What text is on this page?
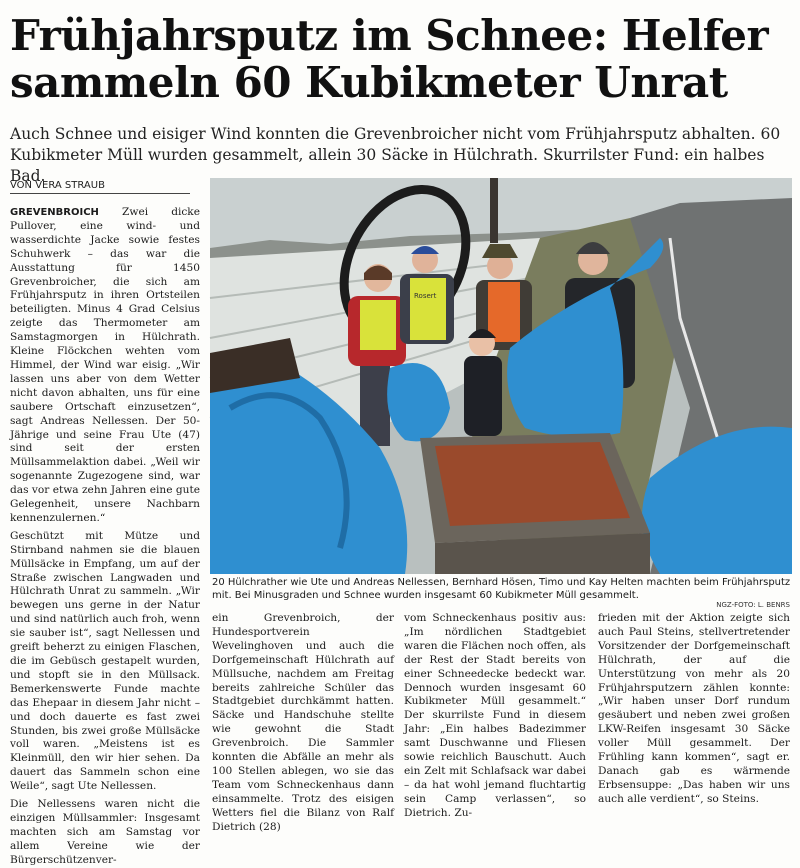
Frühjahrsputz im Schnee: Helfer
sammeln 60 Kubikmeter Unrat
Auch Schnee und eisiger Wind konnten die Grevenbroicher nicht vom Frühjahrsputz abhalten. 60 Kubikmeter Müll wurden gesammelt, allein 30 Säcke in Hülchrath. Skurrilster Fund: ein halbes Bad.
VON VERA STRAUB

GREVENBROICH Zwei dicke Pullover, eine wind- und wasserdichte Jacke sowie festes Schuhwerk – das war die Ausstattung für 1450 Grevenbroicher, die sich am Frühjahrsputz in ihren Ortsteilen beteiligten. Minus 4 Grad Celsius zeigte das Thermometer am Samstagmorgen in Hülchrath. Kleine Flöckchen wehten vom Himmel, der Wind war eisig. „Wir lassen uns aber von dem Wetter nicht davon abhalten, uns für eine saubere Ortschaft einzusetzen“, sagt Andreas Nellessen. Der 50-Jährige und seine Frau Ute (47) sind seit der ersten Müllsammelaktion dabei. „Weil wir sogenannte Zugezogene sind, war das vor etwa zehn Jahren eine gute Gelegenheit, unsere Nachbarn kennenzulernen.“

Geschützt mit Mütze und Stirnband nahmen sie die blauen Müllsäcke in Empfang, um auf der Straße zwischen Langwaden und Hülchrath Unrat zu sammeln. „Wir bewegen uns gerne in der Natur und sind natürlich auch froh, wenn sie sauber ist“, sagt Nellessen und greift beherzt zu einigen Flaschen, die im Gebüsch gestapelt wurden, und stopft sie in den Müllsack. Bemerkenswerte Funde machte das Ehepaar in diesem Jahr nicht – und doch dauerte es fast zwei Stunden, bis zwei große Müllsäcke voll waren. „Meistens ist es Kleinmüll, den wir hier sehen. Da dauert das Sammeln schon eine Weile“, sagt Ute Nellessen.

Die Nellessens waren nicht die einzigen Müllsammler: Insgesamt machten sich am Samstag vor allem Vereine wie der Bürgerschützenver-

Rosert
20 Hülchrather wie Ute und Andreas Nellessen, Bernhard Hösen, Timo und Kay Helten machten beim Frühjahrsputz mit. Bei Minusgraden und Schnee wurden insgesamt 60 Kubikmeter Müll gesammelt.
NGZ-FOTO: L. BENRS

ein Grevenbroich, der Hundesportverein Wevelinghoven und auch die Dorfgemeinschaft Hülchrath auf Müllsuche, nachdem am Freitag bereits zahlreiche Schüler das Stadtgebiet durchkämmt hatten. Säcke und Handschuhe stellte wie gewohnt die Stadt Grevenbroich. Die Sammler konnten die Abfälle an mehr als 100 Stellen ablegen, wo sie das Team vom Schneckenhaus dann einsammelte. Trotz des eisigen Wetters fiel die Bilanz von Ralf Dietrich (28)

vom Schneckenhaus positiv aus: „Im nördlichen Stadtgebiet waren die Flächen noch offen, als der Rest der Stadt bereits von einer Schneedecke bedeckt war. Dennoch wurden insgesamt 60 Kubikmeter Müll gesammelt.“ Der skurrilste Fund in diesem Jahr: „Ein halbes Badezimmer samt Duschwanne und Fliesen sowie reichlich Bauschutt. Auch ein Zelt mit Schlafsack war dabei – da hat wohl jemand fluchtartig sein Camp verlassen“, so Dietrich. Zu-

frieden mit der Aktion zeigte sich auch Paul Steins, stellvertretender Vorsitzender der Dorfgemeinschaft Hülchrath, der auf die Unterstützung von mehr als 20 Frühjahrsputzern zählen konnte: „Wir haben unser Dorf rundum gesäubert und neben zwei großen LKW-Reifen insgesamt 30 Säcke voller Müll gesammelt. Der Frühling kann kommen“, sagt er. Danach gab es wärmende Erbsensuppe: „Das haben wir uns auch alle verdient“, so Steins.
